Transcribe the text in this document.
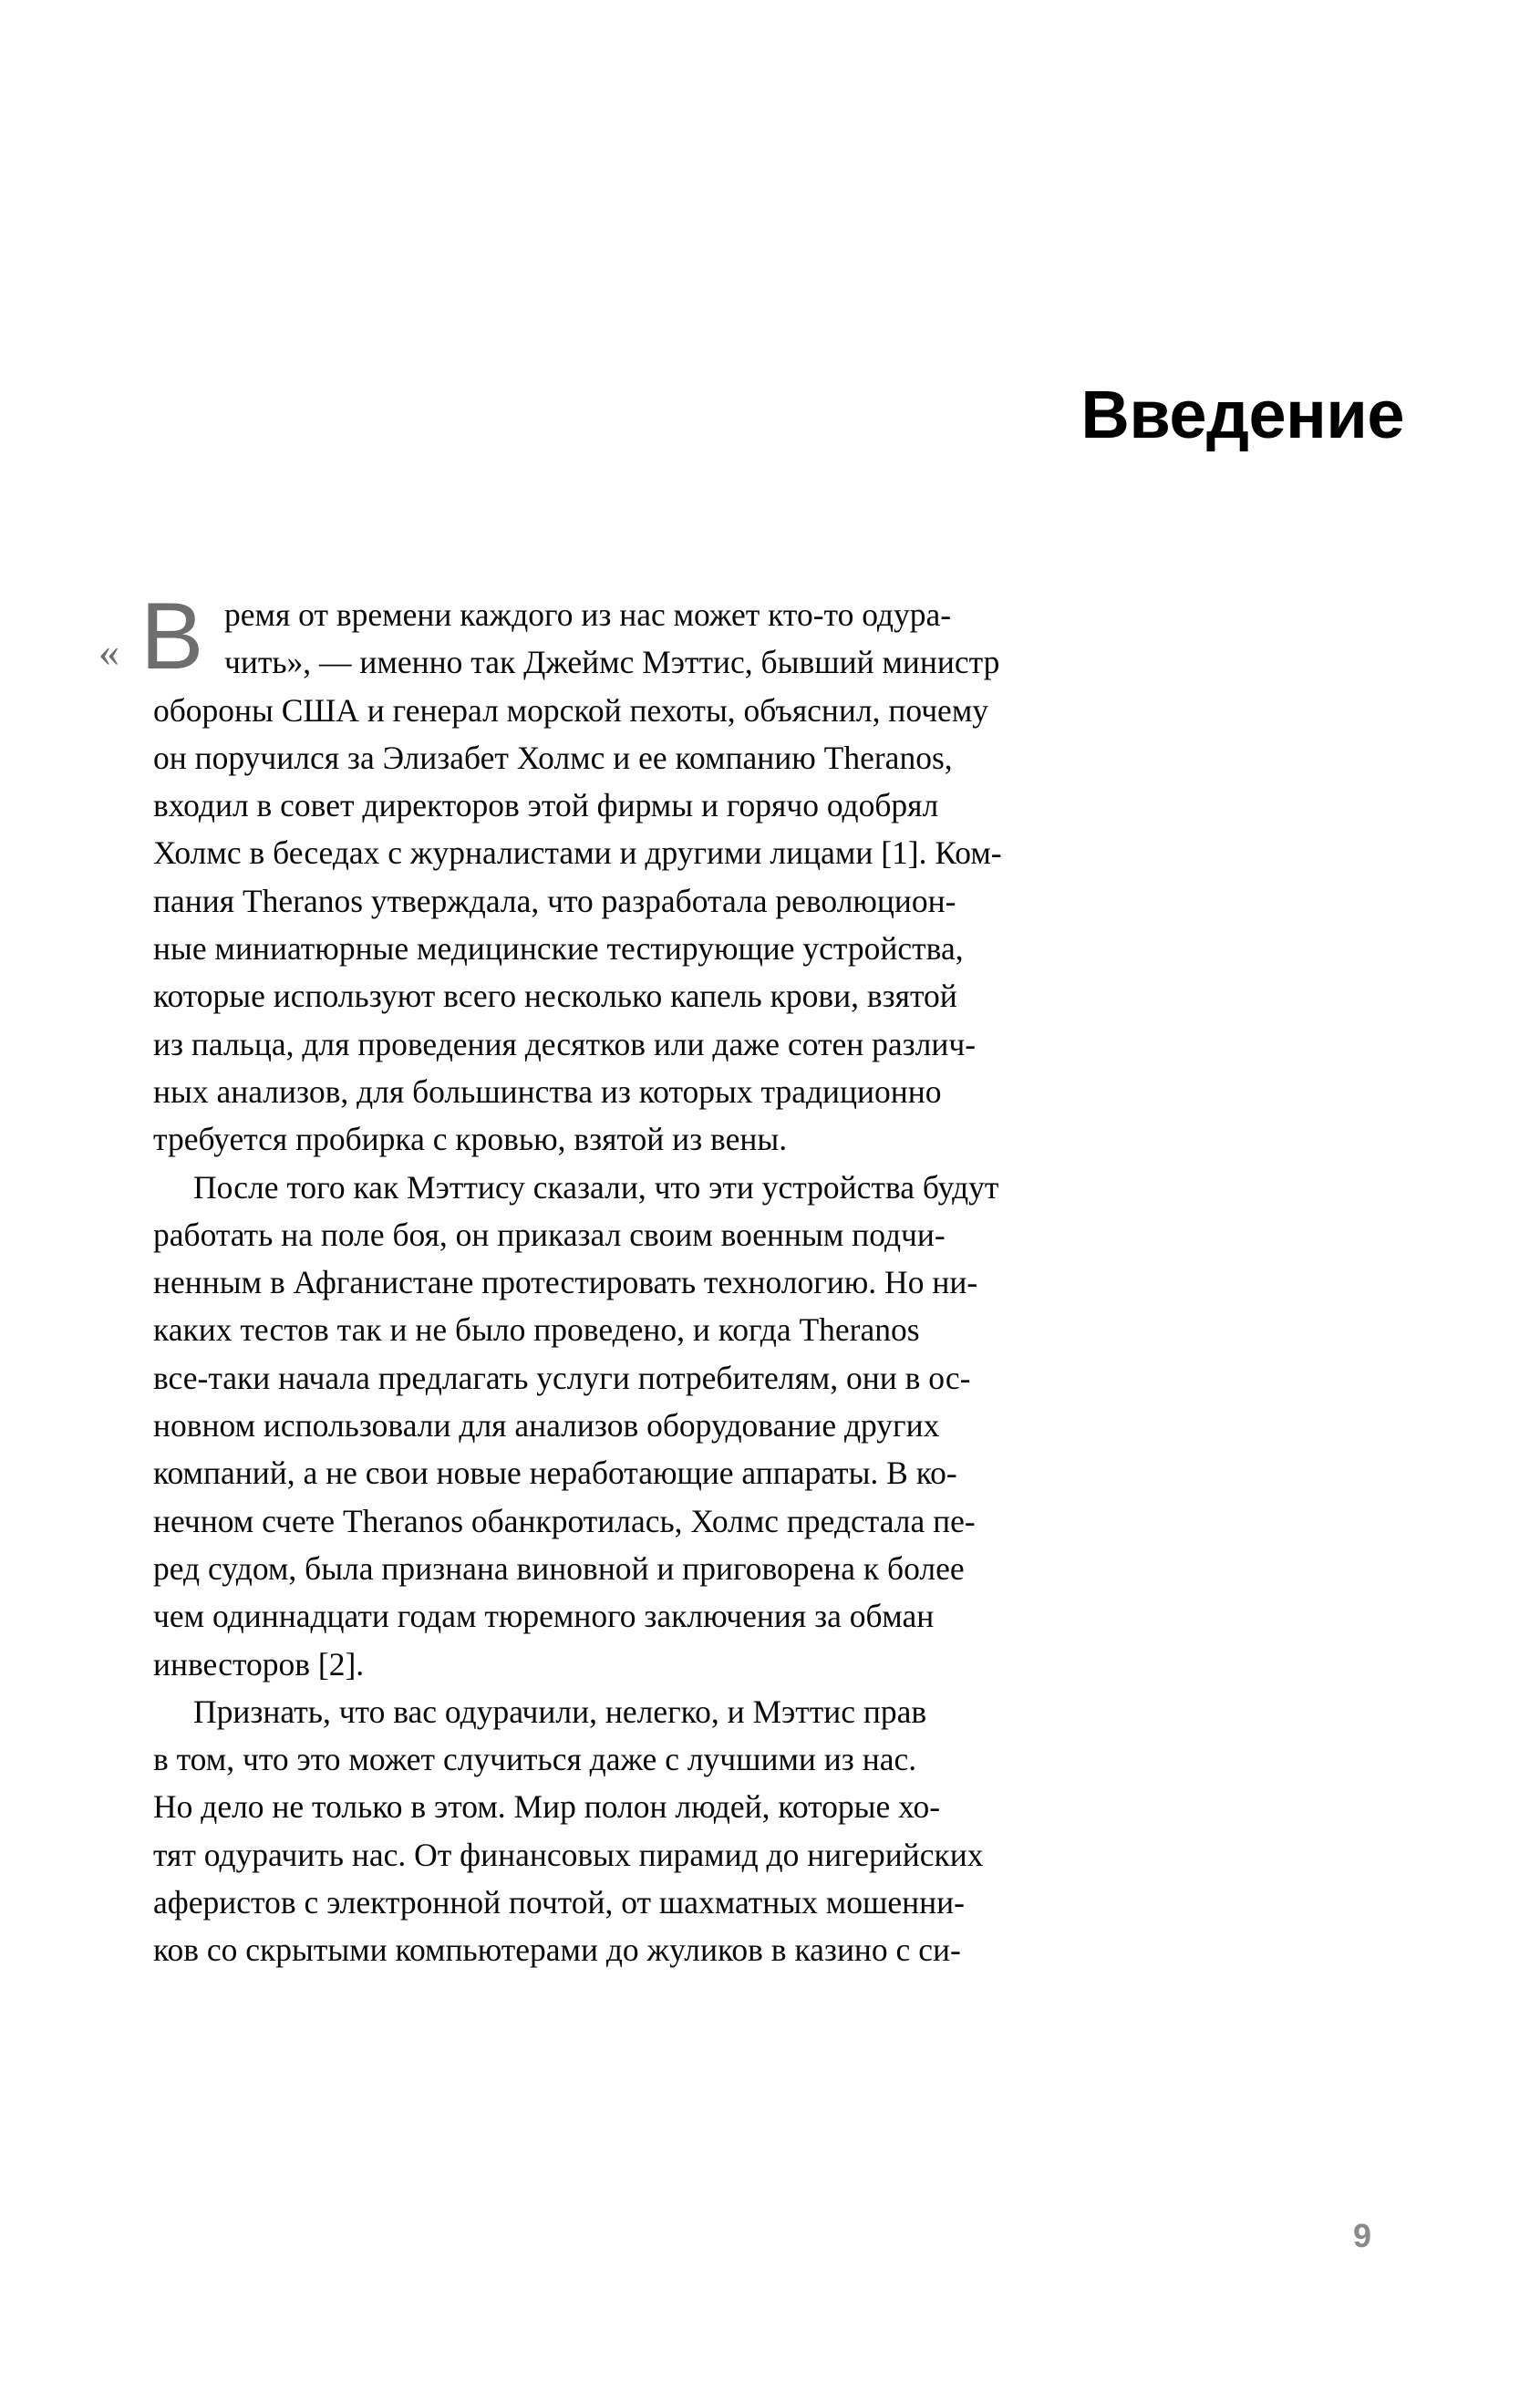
Введение
« В ремя от времени каждого из нас может кто-то одура-
чить», — именно так Джеймс Мэттис, бывший министр
обороны США и генерал морской пехоты, объяснил, почему
он поручился за Элизабет Холмс и ее компанию Theranos,
входил в совет директоров этой фирмы и горячо одобрял
Холмс в беседах с журналистами и другими лицами [1]. Ком-
пания Theranos утверждала, что разработала революцион-
ные миниатюрные медицинские тестирующие устройства,
которые используют всего несколько капель крови, взятой
из пальца, для проведения десятков или даже сотен различ-
ных анализов, для большинства из которых традиционно
требуется пробирка с кровью, взятой из вены.
После того как Мэттису сказали, что эти устройства будут
работать на поле боя, он приказал своим военным подчи-
ненным в Афганистане протестировать технологию. Но ни-
каких тестов так и не было проведено, и когда Theranos
все-таки начала предлагать услуги потребителям, они в ос-
новном использовали для анализов оборудование других
компаний, а не свои новые неработающие аппараты. В ко-
нечном счете Theranos обанкротилась, Холмс предстала пе-
ред судом, была признана виновной и приговорена к более
чем одиннадцати годам тюремного заключения за обман
инвесторов [2].
Признать, что вас одурачили, нелегко, и Мэттис прав
в том, что это может случиться даже с лучшими из нас.
Но дело не только в этом. Мир полон людей, которые хо-
тят одурачить нас. От финансовых пирамид до нигерийских
аферистов с электронной почтой, от шахматных мошенни-
ков со скрытыми компьютерами до жуликов в казино с си-
9
